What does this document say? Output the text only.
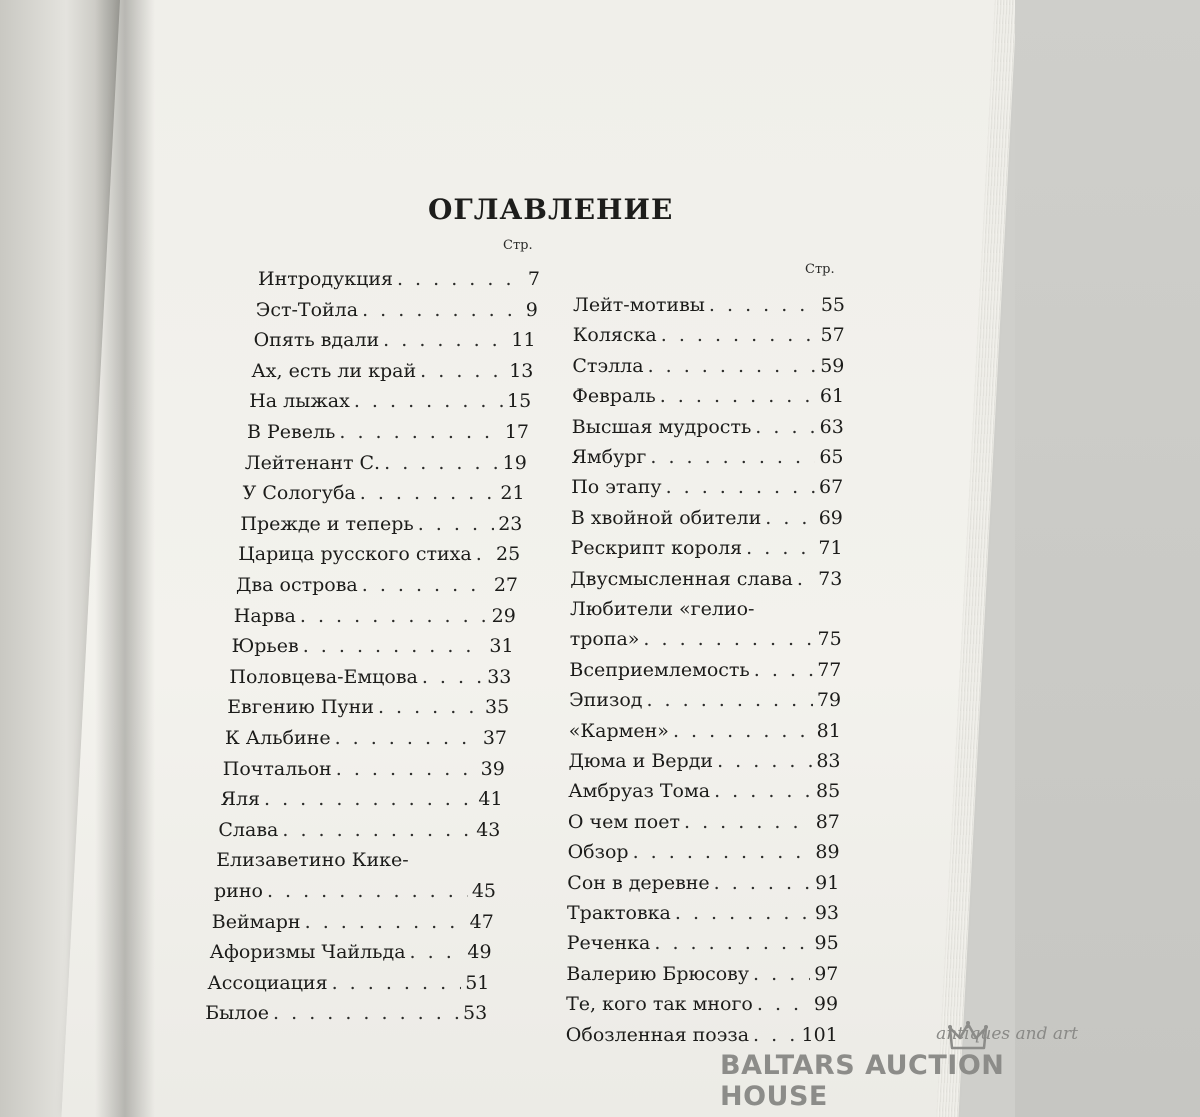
ОГЛАВЛЕНИЕ
Стр.
Стр.
Интродукция . . .	7
Эст-Тойла . . .	9
Опять вдали . . .	11
Ах, есть ли край . . .	13
На лыжах . . .	15
В Ревель . . .	17
Лейтенант С. . . .	19
У Сологуба . . .	21
Прежде и теперь . . .	23
Царица русского стиха . . . 25
Два острова . . .	27
Нарва . . .	29
Юрьев . . .	31
Половцева-Емцова . . .	33
Евгению Пуни . . .	35
К Альбине . . .	37
Почтальон . . .	39
Яля . . .	41
Слава . . .	43
Елизаветино Кике-
рино . . .	45
Веймарн . . .	47
Афоризмы Чайльда . . .	49
Ассоциация . . .	51
Былое . . .	53
Лейт-мотивы . . .	55
Коляска . . .	57
Стэлла . . .	59
Февраль . . .	61
Высшая мудрость . . .	63
Ямбург . . .	65
По этапу . . .	67
В хвойной обители . . .	69
Рескрипт короля . . .	71
Двусмысленная слава . . . 73
Любители «гелио-
тропа» . . .	75
Всеприемлемость . . .	77
Эпизод . . .	79
«Кармен» . . .	81
Дюма и Верди . . .	83
Амбруаз Тома . . .	85
О чем поет . . .	87
Обзор . . .	89
Сон в деревне . . .	91
Трактовка . . .	93
Реченка . . .	95
Валерию Брюсову . . .	97
Те, кого так много . . .	99
Обозленная поэза . . .	101	antiques and art
BALTARS AUCTION HOUSE
